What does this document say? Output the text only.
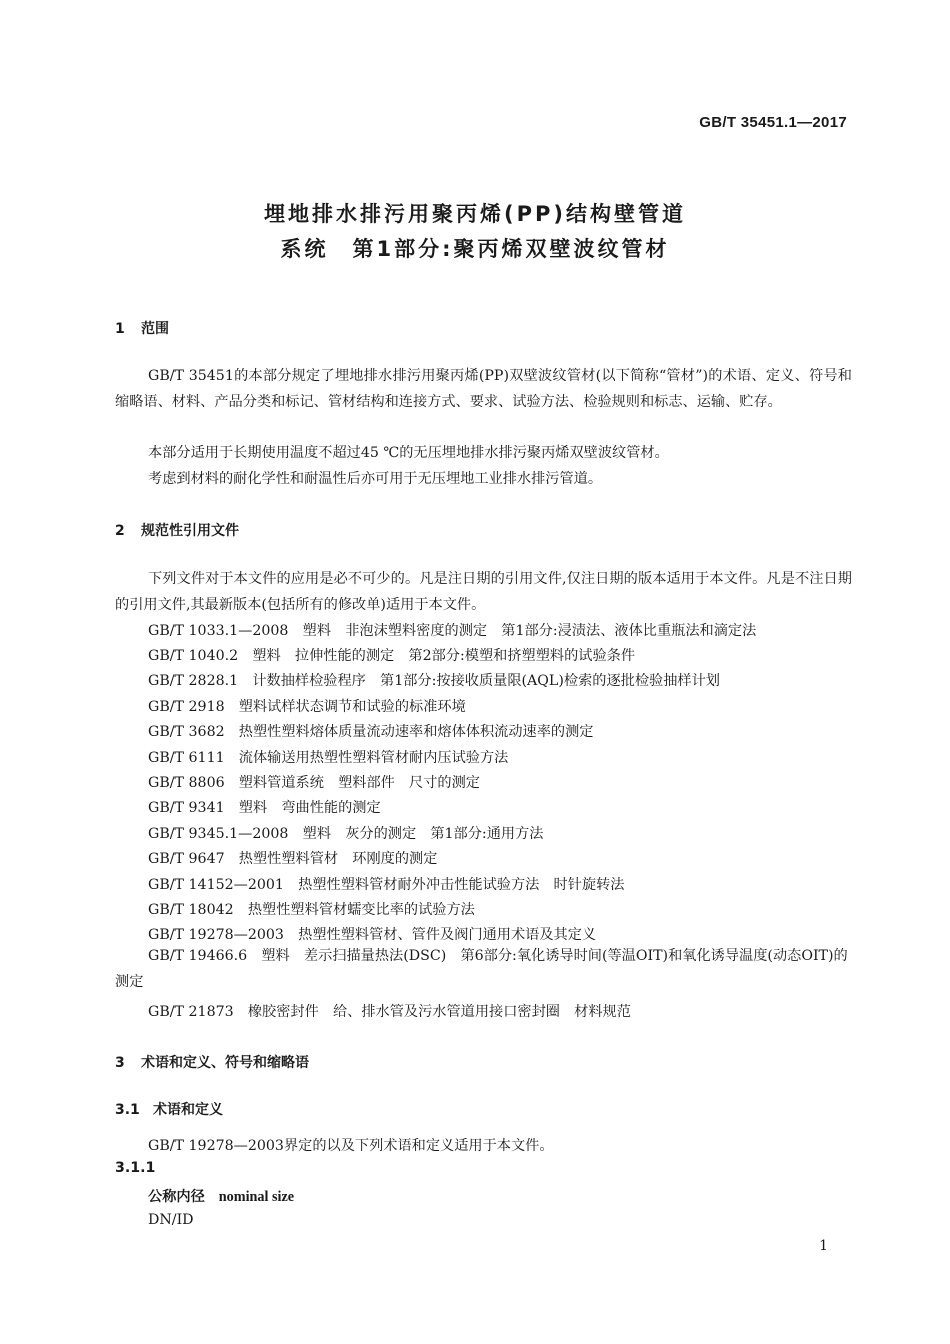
GB/T 35451.1—2017
埋地排水排污用聚丙烯(PP)结构壁管道
系统　第1部分:聚丙烯双壁波纹管材
1 范围
GB/T 35451的本部分规定了埋地排水排污用聚丙烯(PP)双壁波纹管材(以下简称“管材”)的术语、定义、符号和缩略语、材料、产品分类和标记、管材结构和连接方式、要求、试验方法、检验规则和标志、运输、贮存。
本部分适用于长期使用温度不超过45 ℃的无压埋地排水排污聚丙烯双壁波纹管材。
考虑到材料的耐化学性和耐温性后亦可用于无压埋地工业排水排污管道。
2 规范性引用文件
下列文件对于本文件的应用是必不可少的。凡是注日期的引用文件,仅注日期的版本适用于本文件。凡是不注日期的引用文件,其最新版本(包括所有的修改单)适用于本文件。
GB/T 1033.1—2008　塑料　非泡沫塑料密度的测定　第1部分:浸渍法、液体比重瓶法和滴定法
GB/T 1040.2　塑料　拉伸性能的测定　第2部分:模塑和挤塑塑料的试验条件
GB/T 2828.1　计数抽样检验程序　第1部分:按接收质量限(AQL)检索的逐批检验抽样计划
GB/T 2918　塑料试样状态调节和试验的标准环境
GB/T 3682　热塑性塑料熔体质量流动速率和熔体体积流动速率的测定
GB/T 6111　流体输送用热塑性塑料管材耐内压试验方法
GB/T 8806　塑料管道系统　塑料部件　尺寸的测定
GB/T 9341　塑料　弯曲性能的测定
GB/T 9345.1—2008　塑料　灰分的测定　第1部分:通用方法
GB/T 9647　热塑性塑料管材　环刚度的测定
GB/T 14152—2001　热塑性塑料管材耐外冲击性能试验方法　时针旋转法
GB/T 18042　热塑性塑料管材蠕变比率的试验方法
GB/T 19278—2003　热塑性塑料管材、管件及阀门通用术语及其定义
GB/T 19466.6　塑料　差示扫描量热法(DSC)　第6部分:氧化诱导时间(等温OIT)和氧化诱导温度(动态OIT)的测定
GB/T 21873　橡胶密封件　给、排水管及污水管道用接口密封圈　材料规范
3 术语和定义、符号和缩略语
3.1 术语和定义
GB/T 19278—2003界定的以及下列术语和定义适用于本文件。
3.1.1
公称内径 nominal size
DN/ID
1
